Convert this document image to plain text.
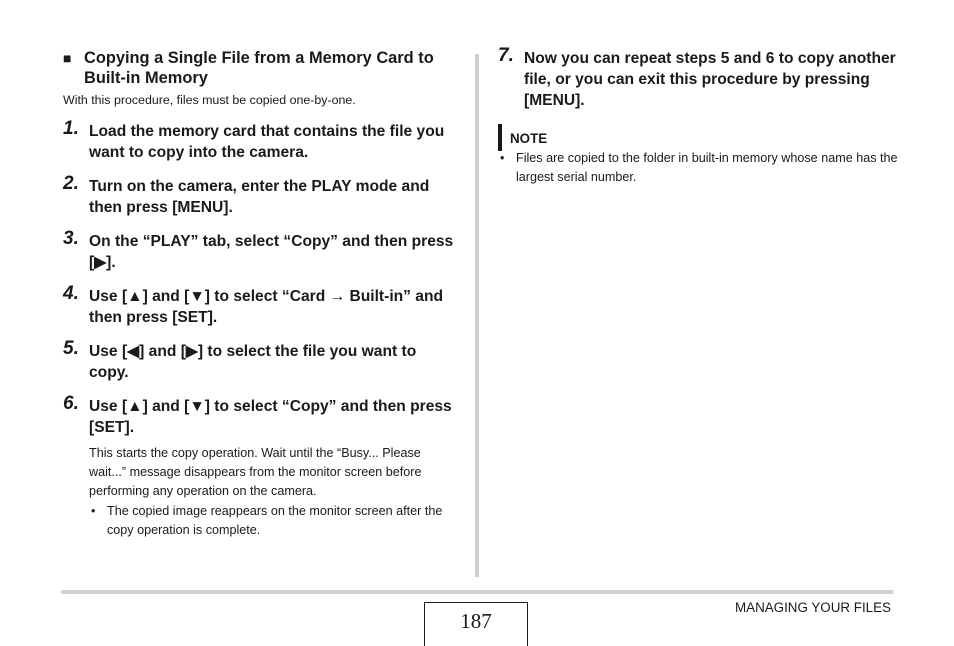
■ Copying a Single File from a Memory Card to Built-in Memory
With this procedure, files must be copied one-by-one.
1. Load the memory card that contains the file you want to copy into the camera.
2. Turn on the camera, enter the PLAY mode and then press [MENU].
3. On the “PLAY” tab, select “Copy” and then press [▶].
4. Use [▲] and [▼] to select “Card → Built-in” and then press [SET].
5. Use [◀] and [▶] to select the file you want to copy.
6. Use [▲] and [▼] to select “Copy” and then press [SET].
This starts the copy operation. Wait until the “Busy... Please wait...” message disappears from the monitor screen before performing any operation on the camera.
• The copied image reappears on the monitor screen after the copy operation is complete.
7. Now you can repeat steps 5 and 6 to copy another file, or you can exit this procedure by pressing [MENU].
NOTE
• Files are copied to the folder in built-in memory whose name has the largest serial number.
187
MANAGING YOUR FILES
